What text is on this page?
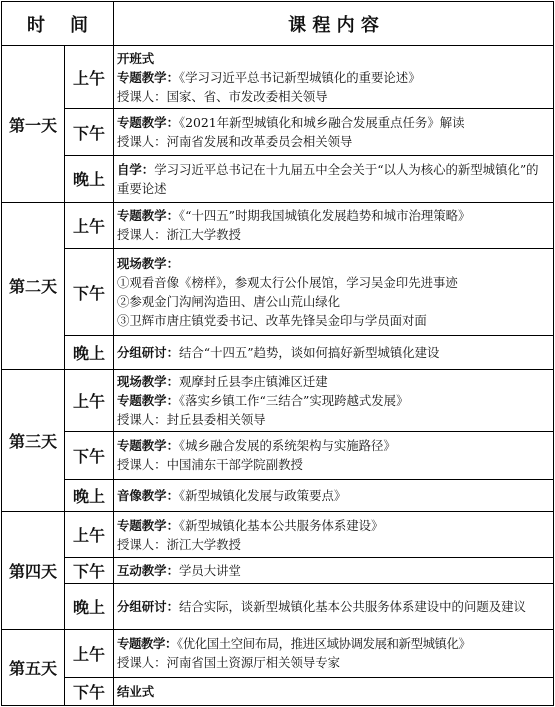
时    间		课 程 内 容
第一天	上午	开班式
专题教学：《学习习近平总书记新型城镇化的重要论述》
授课人：国家、省、市发改委相关领导

	下午	专题教学：《2021年新型城镇化和城乡融合发展重点任务》解读
授课人：河南省发展和改革委员会相关领导

	晚上	自学：学习习近平总书记在十九届五中全会关于“以人为核心的新型城镇化”的重要论述

第二天	上午	专题教学：《“十四五”时期我国城镇化发展趋势和城市治理策略》
授课人：浙江大学教授

	下午	现场教学：
①观看音像《榜样》，参观太行公仆展馆，学习吴金印先进事迹
②参观金门沟闸沟造田、唐公山荒山绿化
③卫辉市唐庄镇党委书记、改革先锋吴金印与学员面对面

	晚上	分组研讨：结合“十四五”趋势，谈如何搞好新型城镇化建设

第三天	上午	现场教学：观摩封丘县李庄镇滩区迁建
专题教学：《落实乡镇工作“三结合”实现跨越式发展》
授课人：封丘县委相关领导

	下午	专题教学：《城乡融合发展的系统架构与实施路径》
授课人：中国浦东干部学院副教授

	晚上	音像教学：《新型城镇化发展与政策要点》

第四天	上午	专题教学：《新型城镇化基本公共服务体系建设》
授课人：浙江大学教授

	下午	互动教学：学员大讲堂

	晚上	分组研讨：结合实际，谈新型城镇化基本公共服务体系建设中的问题及建议

第五天	上午	专题教学：《优化国土空间布局，推进区域协调发展和新型城镇化》
授课人：河南省国土资源厅相关领导专家

	下午	结业式
